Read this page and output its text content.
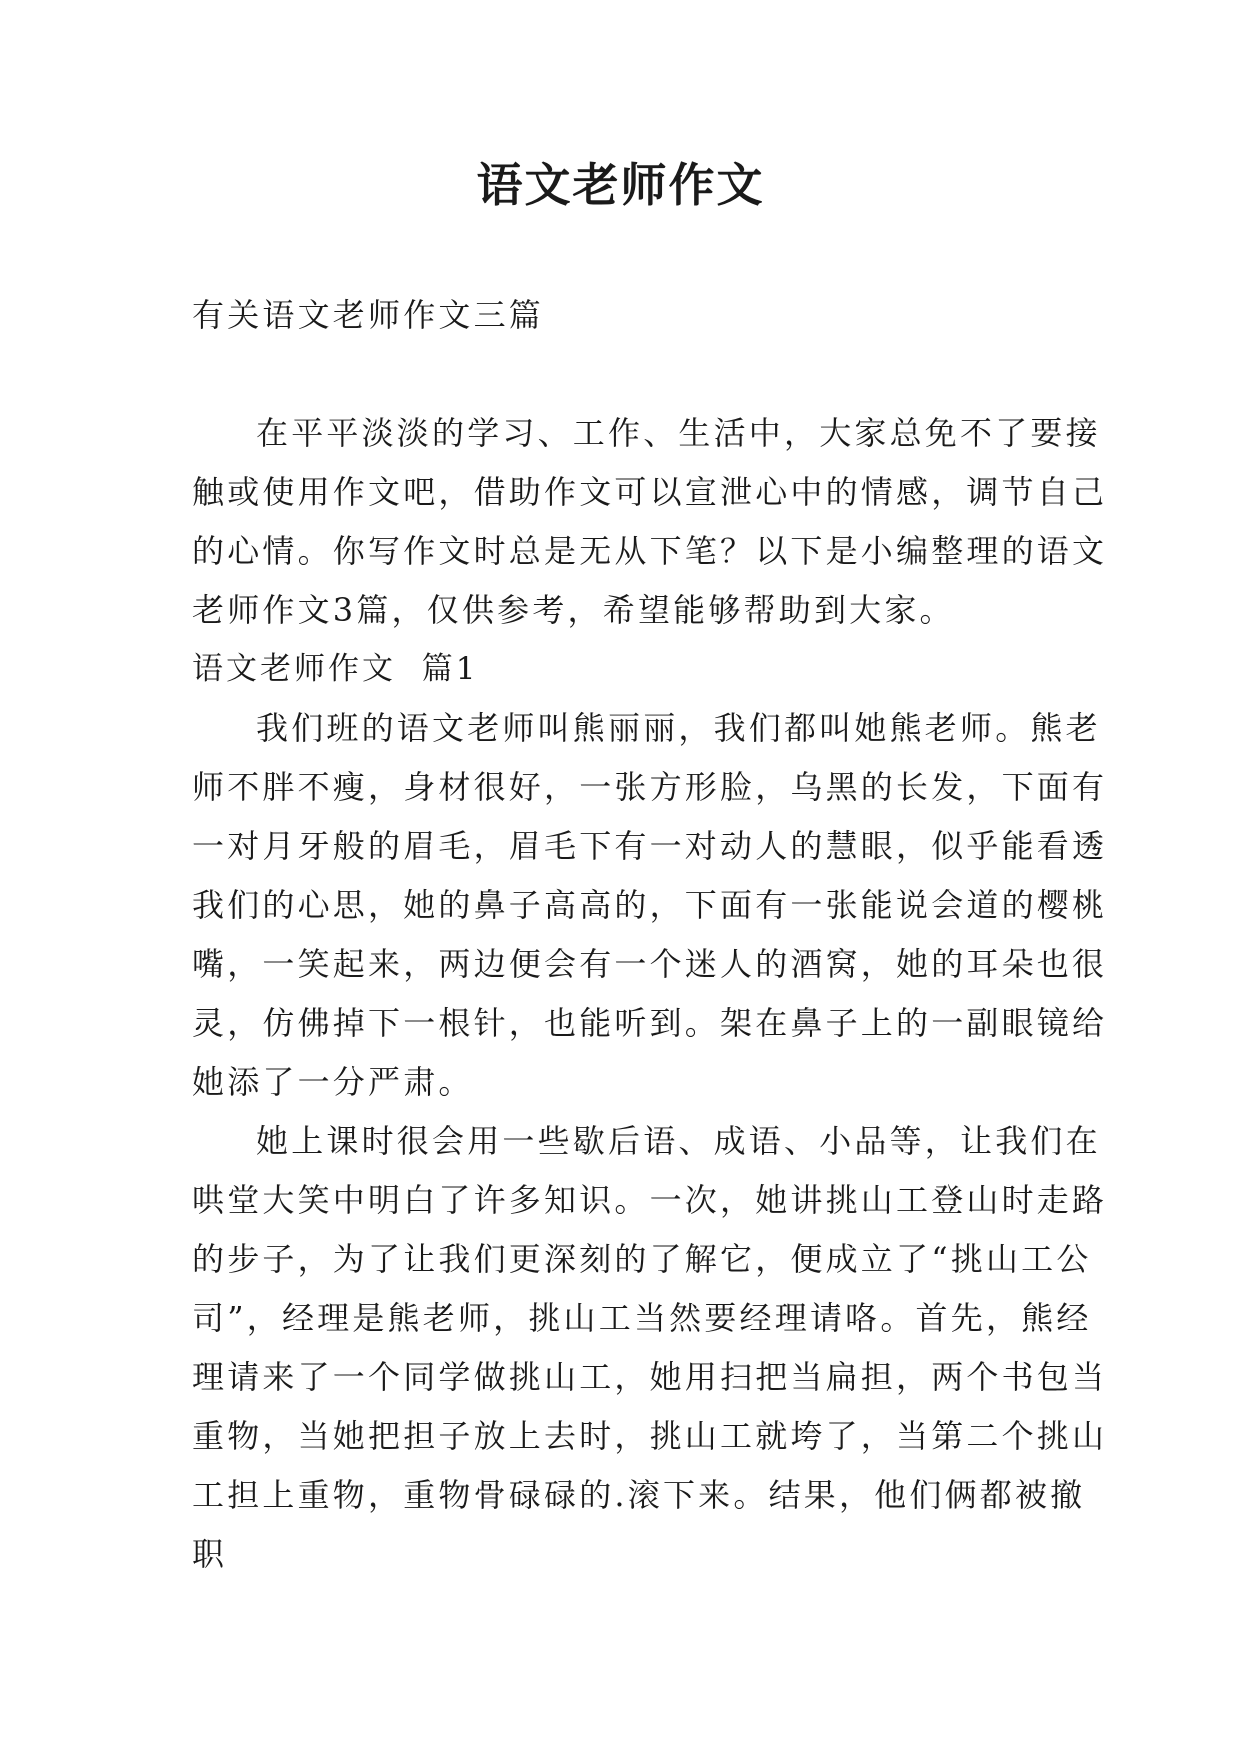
语文老师作文

有关语文老师作文三篇

在平平淡淡的学习、工作、生活中，大家总免不了要接

触或使用作文吧，借助作文可以宣泄心中的情感，调节自己

的心情。你写作文时总是无从下笔？以下是小编整理的语文

老师作文3篇，仅供参考，希望能够帮助到大家。

语文老师作文  篇1

我们班的语文老师叫熊丽丽，我们都叫她熊老师。熊老

师不胖不瘦，身材很好，一张方形脸，乌黑的长发，下面有

一对月牙般的眉毛，眉毛下有一对动人的慧眼，似乎能看透

我们的心思，她的鼻子高高的，下面有一张能说会道的樱桃

嘴，一笑起来，两边便会有一个迷人的酒窝，她的耳朵也很

灵，仿佛掉下一根针，也能听到。架在鼻子上的一副眼镜给

她添了一分严肃。

她上课时很会用一些歇后语、成语、小品等，让我们在

哄堂大笑中明白了许多知识。一次，她讲挑山工登山时走路

的步子，为了让我们更深刻的了解它，便成立了“挑山工公

司”，经理是熊老师，挑山工当然要经理请咯。首先，熊经

理请来了一个同学做挑山工，她用扫把当扁担，两个书包当

重物，当她把担子放上去时，挑山工就垮了，当第二个挑山

工担上重物，重物骨碌碌的.滚下来。结果，他们俩都被撤

职
